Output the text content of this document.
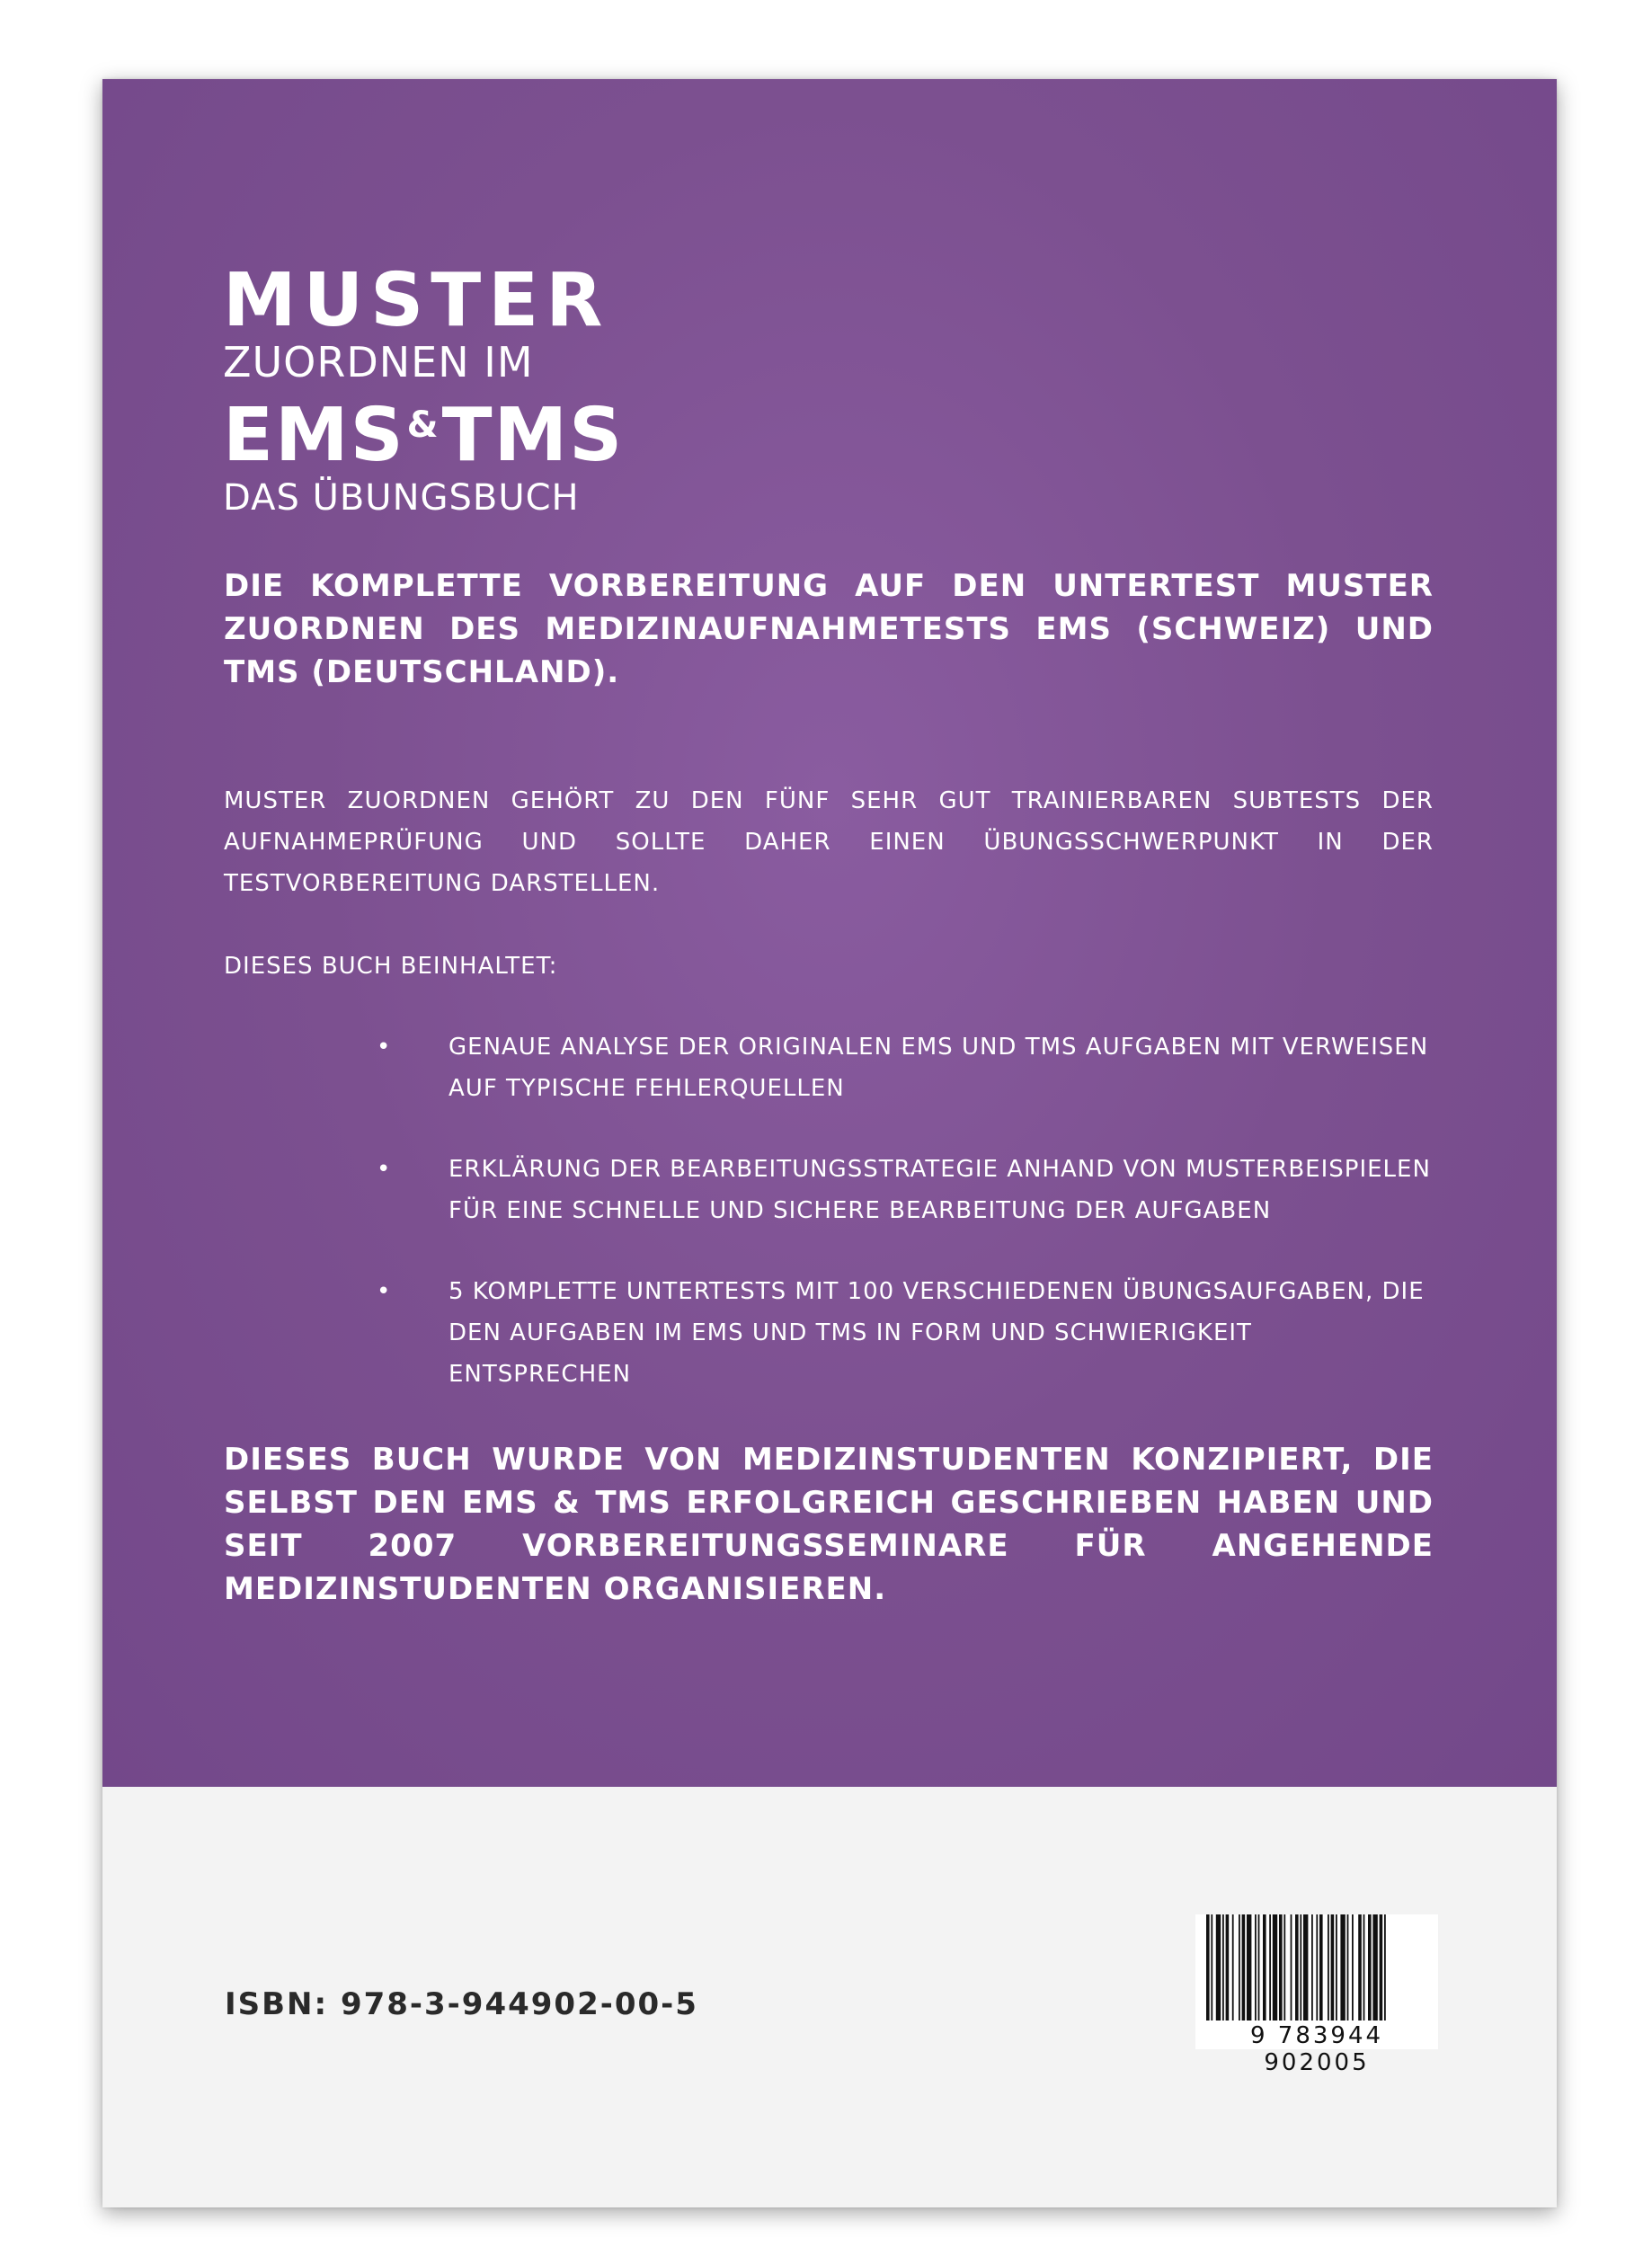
MUSTER
ZUORDNEN IM
EMS&TMS
DAS ÜBUNGSBUCH
DIE KOMPLETTE VORBEREITUNG AUF DEN UNTERTEST MUSTER ZUORDNEN DES MEDIZINAUFNAHMETESTS EMS (SCHWEIZ) UND TMS (DEUTSCHLAND).
MUSTER ZUORDNEN GEHÖRT ZU DEN FÜNF SEHR GUT TRAINIERBAREN SUBTESTS DER AUFNAHMEPRÜFUNG UND SOLLTE DAHER EINEN ÜBUNGSSCHWERPUNKT IN DER TESTVORBEREITUNG DARSTELLEN.
DIESES BUCH BEINHALTET:
• GENAUE ANALYSE DER ORIGINALEN EMS UND TMS AUFGABEN MIT VERWEISEN AUF TYPISCHE FEHLERQUELLEN
• ERKLÄRUNG DER BEARBEITUNGSSTRATEGIE ANHAND VON MUSTERBEISPIELEN FÜR EINE SCHNELLE UND SICHERE BEARBEITUNG DER AUFGABEN
• 5 KOMPLETTE UNTERTESTS MIT 100 VERSCHIEDENEN ÜBUNGSAUFGABEN, DIE DEN AUFGABEN IM EMS UND TMS IN FORM UND SCHWIERIGKEIT ENTSPRECHEN
DIESES BUCH WURDE VON MEDIZINSTUDENTEN KONZIPIERT, DIE SELBST DEN EMS & TMS ERFOLGREICH GESCHRIEBEN HABEN UND SEIT 2007 VORBEREITUNGSSEMINARE FÜR ANGEHENDE MEDIZINSTUDENTEN ORGANISIEREN.
ISBN: 978-3-944902-00-5
9 783944 902005
